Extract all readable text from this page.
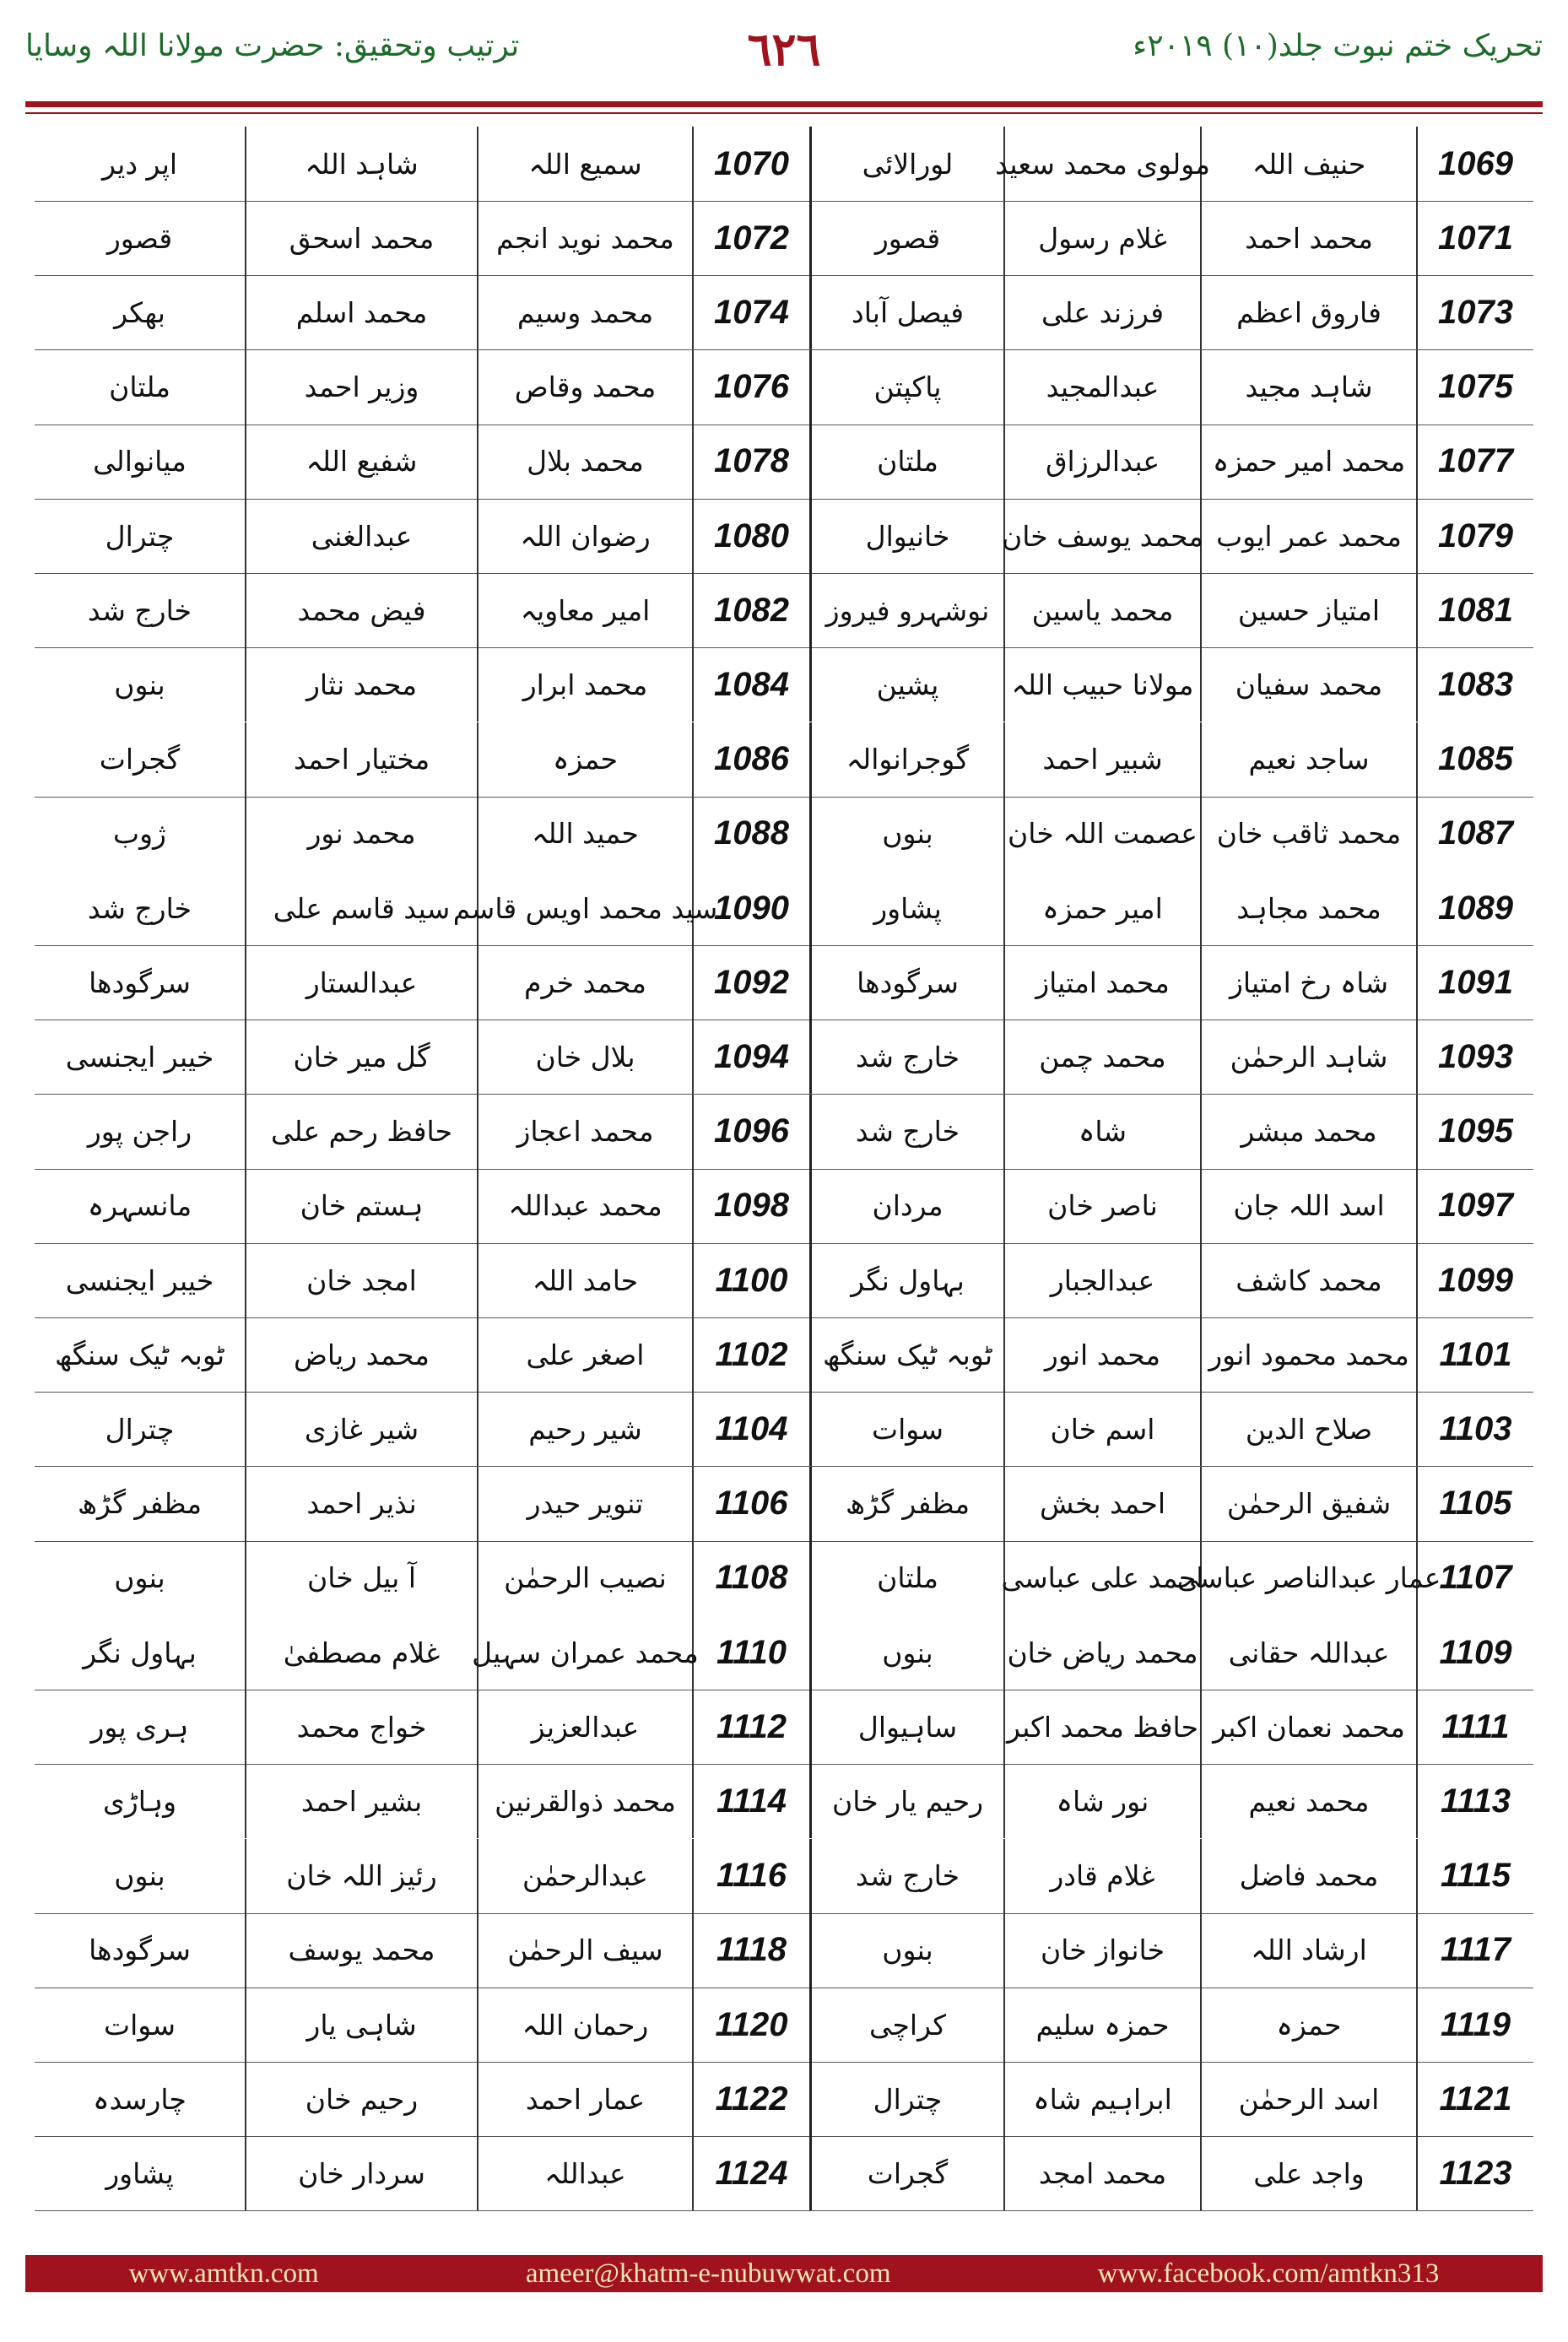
تحریک ختم نبوت جلد(۱۰) ۲۰۱۹ء
٦٢٦
ترتیب وتحقیق: حضرت مولانا اللہ وسایا
1069
حنیف اللہ
مولوی محمد سعید
لورالائی
1070
سمیع اللہ
شاہد اللہ
اپر دیر
1071
محمد احمد
غلام رسول
قصور
1072
محمد نوید انجم
محمد اسحق
قصور
1073
فاروق اعظم
فرزند علی
فیصل آباد
1074
محمد وسیم
محمد اسلم
بھکر
1075
شاہد مجید
عبدالمجید
پاکپتن
1076
محمد وقاص
وزیر احمد
ملتان
1077
محمد امیر حمزہ
عبدالرزاق
ملتان
1078
محمد بلال
شفیع اللہ
میانوالی
1079
محمد عمر ایوب
محمد یوسف خان
خانیوال
1080
رضوان اللہ
عبدالغنی
چترال
1081
امتیاز حسین
محمد یاسین
نوشہرو فیروز
1082
امیر معاویہ
فیض محمد
خارج شد
1083
محمد سفیان
مولانا حبیب اللہ
پشین
1084
محمد ابرار
محمد نثار
بنوں
1085
ساجد نعیم
شبیر احمد
گوجرانوالہ
1086
حمزہ
مختیار احمد
گجرات
1087
محمد ثاقب خان
عصمت اللہ خان
بنوں
1088
حمید اللہ
محمد نور
ژوب
1089
محمد مجاہد
امیر حمزہ
پشاور
1090
سید محمد اویس قاسم
سید قاسم علی
خارج شد
1091
شاہ رخ امتیاز
محمد امتیاز
سرگودھا
1092
محمد خرم
عبدالستار
سرگودھا
1093
شاہد الرحمٰن
محمد چمن
خارج شد
1094
بلال خان
گل میر خان
خیبر ایجنسی
1095
محمد مبشر
شاہ
خارج شد
1096
محمد اعجاز
حافظ رحم علی
راجن پور
1097
اسد اللہ جان
ناصر خان
مردان
1098
محمد عبداللہ
ہستم خان
مانسہرہ
1099
محمد کاشف
عبدالجبار
بہاول نگر
1100
حامد اللہ
امجد خان
خیبر ایجنسی
1101
محمد محمود انور
محمد انور
ٹوبہ ٹیک سنگھ
1102
اصغر علی
محمد ریاض
ٹوبہ ٹیک سنگھ
1103
صلاح الدین
اسم خان
سوات
1104
شیر رحیم
شیر غازی
چترال
1105
شفیق الرحمٰن
احمد بخش
مظفر گڑھ
1106
تنویر حیدر
نذیر احمد
مظفر گڑھ
1107
عمار عبدالناصر عباسی
احمد علی عباسی
ملتان
1108
نصیب الرحمٰن
آ بیل خان
بنوں
1109
عبداللہ حقانی
محمد ریاض خان
بنوں
1110
محمد عمران سہیل
غلام مصطفیٰ
بہاول نگر
1111
محمد نعمان اکبر
حافظ محمد اکبر
ساہیوال
1112
عبدالعزیز
خواج محمد
ہری پور
1113
محمد نعیم
نور شاہ
رحیم یار خان
1114
محمد ذوالقرنین
بشیر احمد
وہاڑی
1115
محمد فاضل
غلام قادر
خارج شد
1116
عبدالرحمٰن
رئیز اللہ خان
بنوں
1117
ارشاد اللہ
خانواز خان
بنوں
1118
سیف الرحمٰن
محمد یوسف
سرگودھا
1119
حمزہ
حمزہ سلیم
کراچی
1120
رحمان اللہ
شاہی یار
سوات
1121
اسد الرحمٰن
ابراہیم شاہ
چترال
1122
عمار احمد
رحیم خان
چارسدہ
1123
واجد علی
محمد امجد
گجرات
1124
عبداللہ
سردار خان
پشاور
www.amtkn.com	ameer@khatm-e-nubuwwat.com	www.facebook.com/amtkn313
